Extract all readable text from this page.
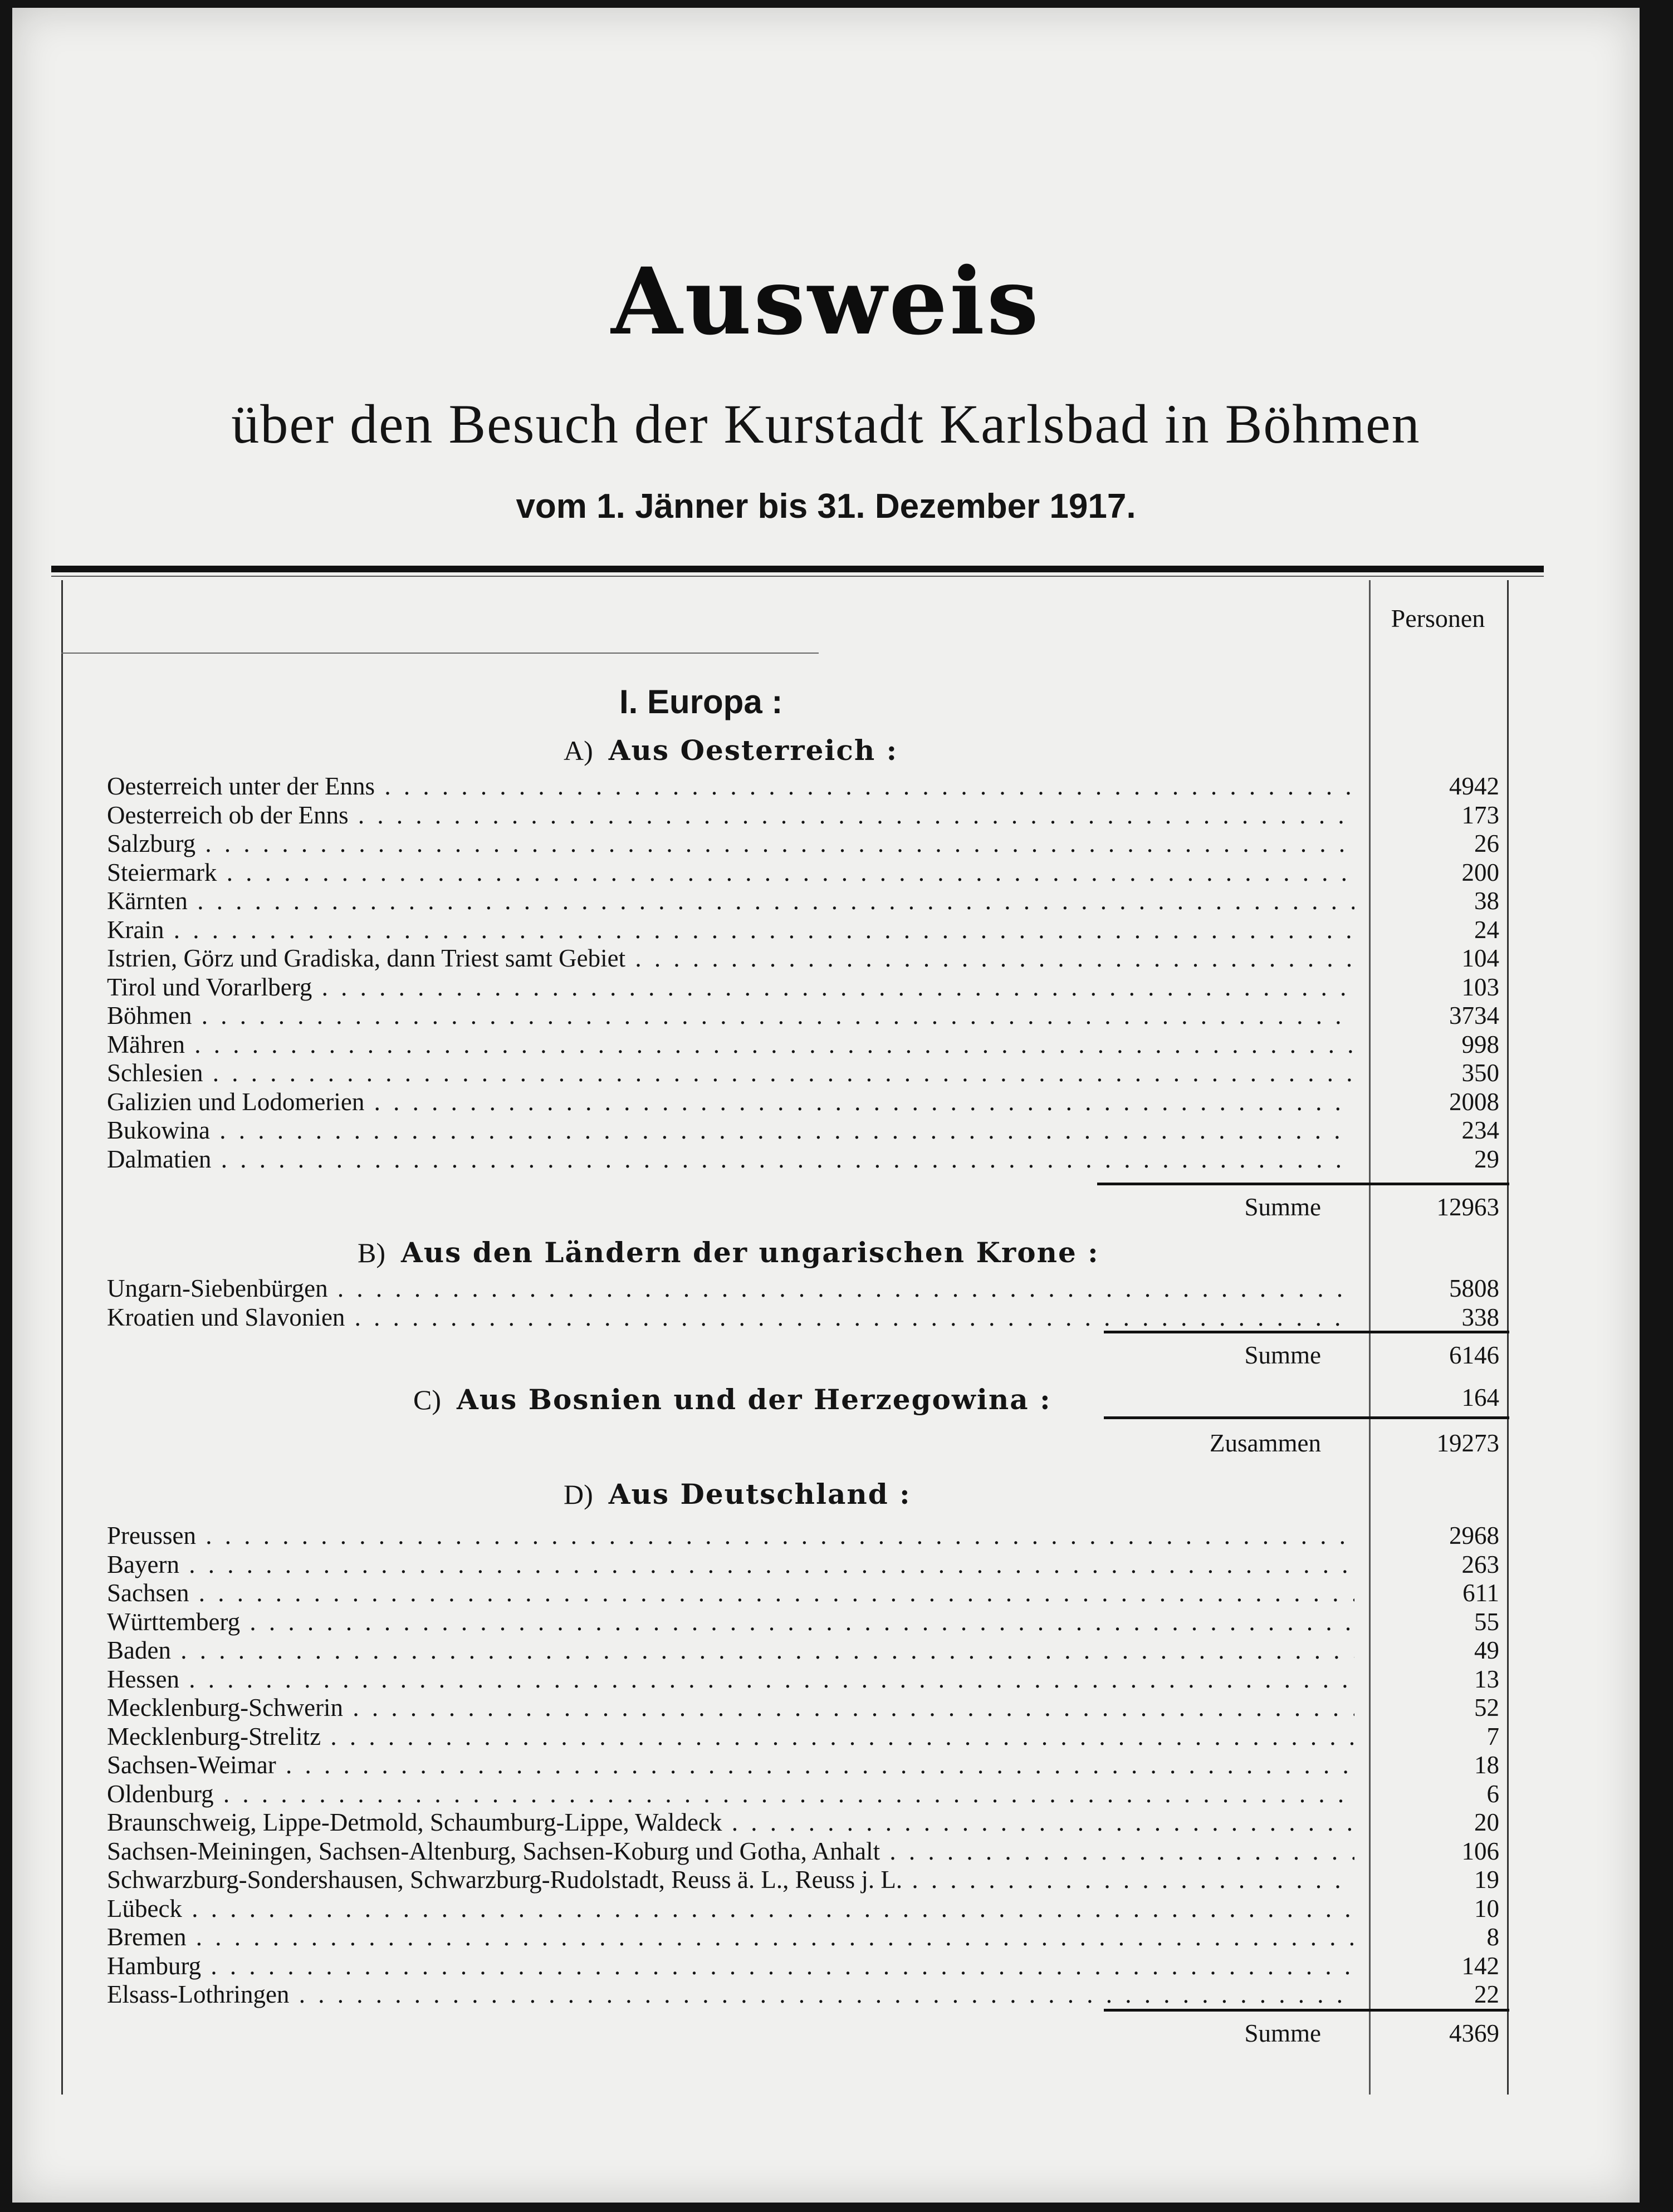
Ausweis
über den Besuch der Kurstadt Karlsbad in Böhmen
vom 1. Jänner bis 31. Dezember 1917.
Personen
I. Europa :
A) Aus Oesterreich :
Oesterreich unter der Enns . . .	4942
Oesterreich ob der Enns . . .	173
Salzburg . . .	26
Steiermark . . .	200
Kärnten . . .	38
Krain . . .	24
Istrien, Görz und Gradiska, dann Triest samt Gebiet . . .	104
Tirol und Vorarlberg . . .	103
Böhmen . . .	3734
Mähren . . .	998
Schlesien . . .	350
Galizien und Lodomerien . . .	2008
Bukowina . . .	234
Dalmatien . . .	29
Summe	12963
B) Aus den Ländern der ungarischen Krone :
Ungarn-Siebenbürgen . . .	5808
Kroatien und Slavonien . . .	338
Summe	6146
C) Aus Bosnien und der Herzegowina :	164
Zusammen	19273
D) Aus Deutschland :
Preussen . . .	2968
Bayern . . .	263
Sachsen . . .	611
Württemberg . . .	55
Baden . . .	49
Hessen . . .	13
Mecklenburg-Schwerin . . .	52
Mecklenburg-Strelitz . . .	7
Sachsen-Weimar . . .	18
Oldenburg . . .	6
Braunschweig, Lippe-Detmold, Schaumburg-Lippe, Waldeck . . .	20
Sachsen-Meiningen, Sachsen-Altenburg, Sachsen-Koburg und Gotha, Anhalt . . .	106
Schwarzburg-Sondershausen, Schwarzburg-Rudolstadt, Reuss ä. L., Reuss j. L. . . .	19
Lübeck . . .	10
Bremen . . .	8
Hamburg . . .	142
Elsass-Lothringen . . .	22
Summe	4369
